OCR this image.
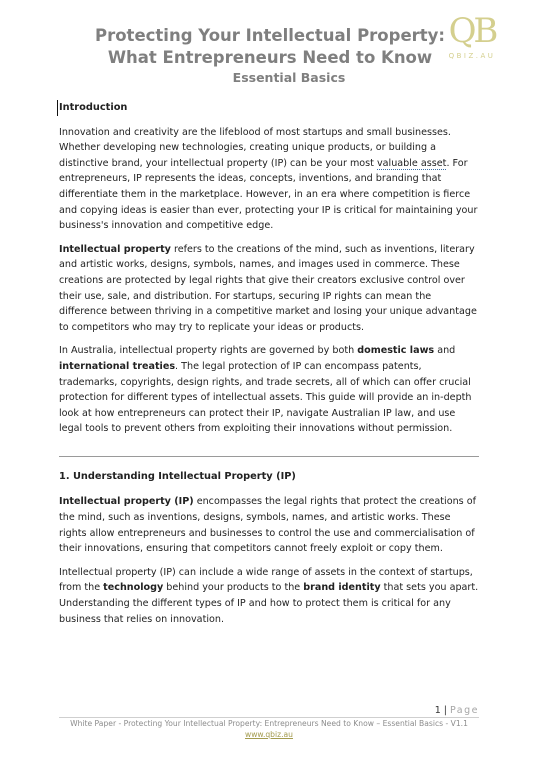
Protecting Your Intellectual Property:
What Entrepreneurs Need to Know
Essential Basics
QB
QBIZ.AU
Introduction

Innovation and creativity are the lifeblood of most startups and small businesses. Whether developing new technologies, creating unique products, or building a distinctive brand, your intellectual property (IP) can be your most valuable asset. For entrepreneurs, IP represents the ideas, concepts, inventions, and branding that differentiate them in the marketplace. However, in an era where competition is fierce and copying ideas is easier than ever, protecting your IP is critical for maintaining your business's innovation and competitive edge.

Intellectual property refers to the creations of the mind, such as inventions, literary and artistic works, designs, symbols, names, and images used in commerce. These creations are protected by legal rights that give their creators exclusive control over their use, sale, and distribution. For startups, securing IP rights can mean the difference between thriving in a competitive market and losing your unique advantage to competitors who may try to replicate your ideas or products.

In Australia, intellectual property rights are governed by both domestic laws and international treaties. The legal protection of IP can encompass patents, trademarks, copyrights, design rights, and trade secrets, all of which can offer crucial protection for different types of intellectual assets. This guide will provide an in-depth look at how entrepreneurs can protect their IP, navigate Australian IP law, and use legal tools to prevent others from exploiting their innovations without permission.

1. Understanding Intellectual Property (IP)

Intellectual property (IP) encompasses the legal rights that protect the creations of the mind, such as inventions, designs, symbols, names, and artistic works. These rights allow entrepreneurs and businesses to control the use and commercialisation of their innovations, ensuring that competitors cannot freely exploit or copy them.

Intellectual property (IP) can include a wide range of assets in the context of startups, from the technology behind your products to the brand identity that sets you apart. Understanding the different types of IP and how to protect them is critical for any business that relies on innovation.

1 | Page
White Paper - Protecting Your Intellectual Property: Entrepreneurs Need to Know – Essential Basics - V1.1
www.qbiz.au
